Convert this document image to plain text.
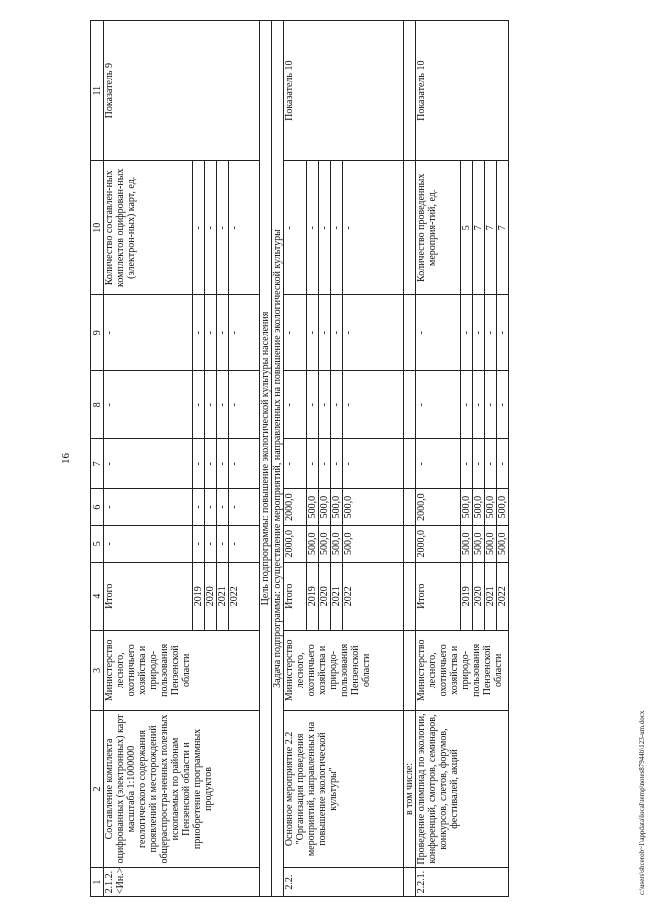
16
1	2	3	4	5	6	7	8	9	10	11
2.1.2. <Ин.>	Составление комплекта оцифрованных (электронных) карт масштаба 1:1000000 геологического содержания проявлений и месторождений общераспростра-ненных полезных ископаемых по районам Пензенской области и приобретение программных продуктов	Министерство лесного, охотничьего хозяйства и природо-пользования Пензенской области	Итого	-	-	-	-	-	Количество составлен-ных комплектов оцифрован-ных (электрон-ных) карт, ед.	Показатель 9
			2019	-	-	-	-	-	-	
			2020	-	-	-	-	-	-	
			2021	-	-	-	-	-	-	
			2022	-	-	-	-	-	-	
Цель подпрограммы: повышение экологической культуры населения										
Задача подпрограммы: осуществление мероприятий, направленных на повышение экологической культуры										
2.2.	Основное мероприятие 2.2 "Организация проведения мероприятий, направленных на повышение экологической культуры"	Министерство лесного, охотничьего хозяйства и природо-пользования Пензенской области	Итого	2000,0	2000,0	-	-	-	-	Показатель 10
			2019	500,0	500,0	-	-	-	-	
			2020	500,0	500,0	-	-	-	-	
			2021	500,0	500,0	-	-	-	-	
			2022	500,0	500,0	-	-	-	-	
	в том числе:									
2.2.1.	Проведение олимпиад по экологии, конференций, смотров, семинаров, конкурсов, слетов, форумов, фестивалей, акций	Министерство лесного, охотничьего хозяйства и природо-пользования Пензенской области	Итого	2000,0	2000,0	-	-	-	Количество проведенных мероприя-тий, ед.	Показатель 10
			2019	500,0	500,0	-	-	-	5	
			2020	500,0	500,0	-	-	-	7	
			2021	500,0	500,0	-	-	-	7	
			2022	500,0	500,0	-	-	-	7	
c:\users\shcerob~1\appdata\local\temp\notes87944b\123-um.docx
